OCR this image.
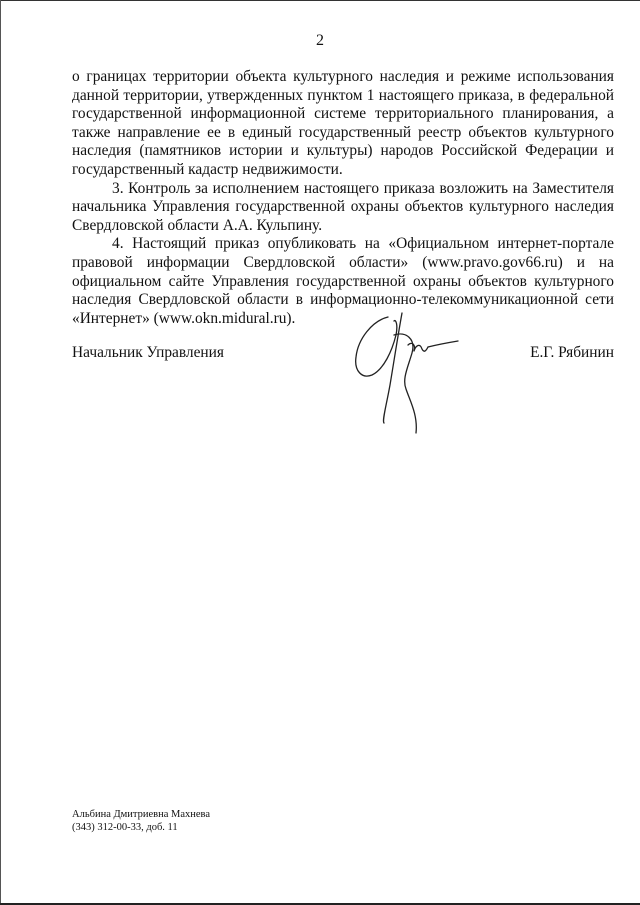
2

о границах территории объекта культурного наследия и режиме использования данной территории, утвержденных пунктом 1 настоящего приказа, в федеральной государственной информационной системе территориального планирования, а также направление ее в единый государственный реестр объектов культурного наследия (памятников истории и культуры) народов Российской Федерации и государственный кадастр недвижимости.

3. Контроль за исполнением настоящего приказа возложить на Заместителя начальника Управления государственной охраны объектов культурного наследия Свердловской области А.А. Кульпину.

4. Настоящий приказ опубликовать на «Официальном интернет-портале правовой информации Свердловской области» (www.pravo.gov66.ru) и на официальном сайте Управления государственной охраны объектов культурного наследия Свердловской области в информационно-телекоммуникационной сети «Интернет» (www.okn.midural.ru).

Начальник Управления	Е.Г. Рябинин
Альбина Дмитриевна Махнева
(343) 312-00-33, доб. 11
